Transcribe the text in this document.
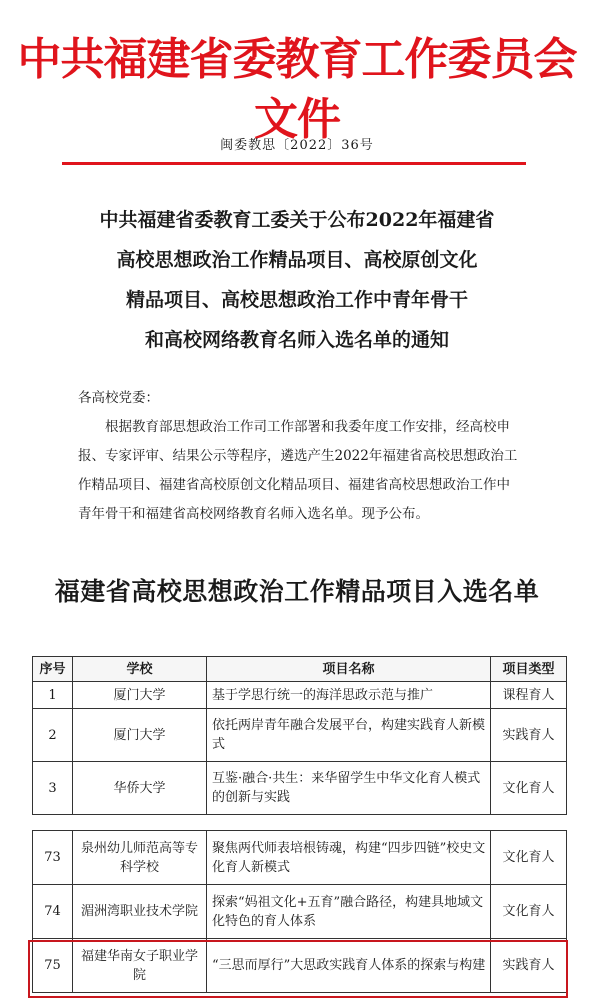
中共福建省委教育工作委员会文件
闽委教思〔2022〕36号
中共福建省委教育工委关于公布2022年福建省
高校思想政治工作精品项目、高校原创文化
精品项目、高校思想政治工作中青年骨干
和高校网络教育名师入选名单的通知

各高校党委：

根据教育部思想政治工作司工作部署和我委年度工作安排，经高校申报、专家评审、结果公示等程序，遴选产生2022年福建省高校思想政治工作精品项目、福建省高校原创文化精品项目、福建省高校思想政治工作中青年骨干和福建省高校网络教育名师入选名单。现予公布。

福建省高校思想政治工作精品项目入选名单
序号	学校	项目名称	项目类型
1	厦门大学	基于学思行统一的海洋思政示范与推广	课程育人
2	厦门大学	依托两岸青年融合发展平台，构建实践育人新模式	实践育人
3	华侨大学	互鉴·融合·共生：来华留学生中华文化育人模式的创新与实践	文化育人
73	泉州幼儿师范高等专科学校	聚焦两代师表培根铸魂，构建“四步四链”校史文化育人新模式	文化育人
74	湄洲湾职业技术学院	探索“妈祖文化+五育”融合路径，构建具地域文化特色的育人体系	文化育人
75	福建华南女子职业学院	“三思而厚行”大思政实践育人体系的探索与构建	实践育人
